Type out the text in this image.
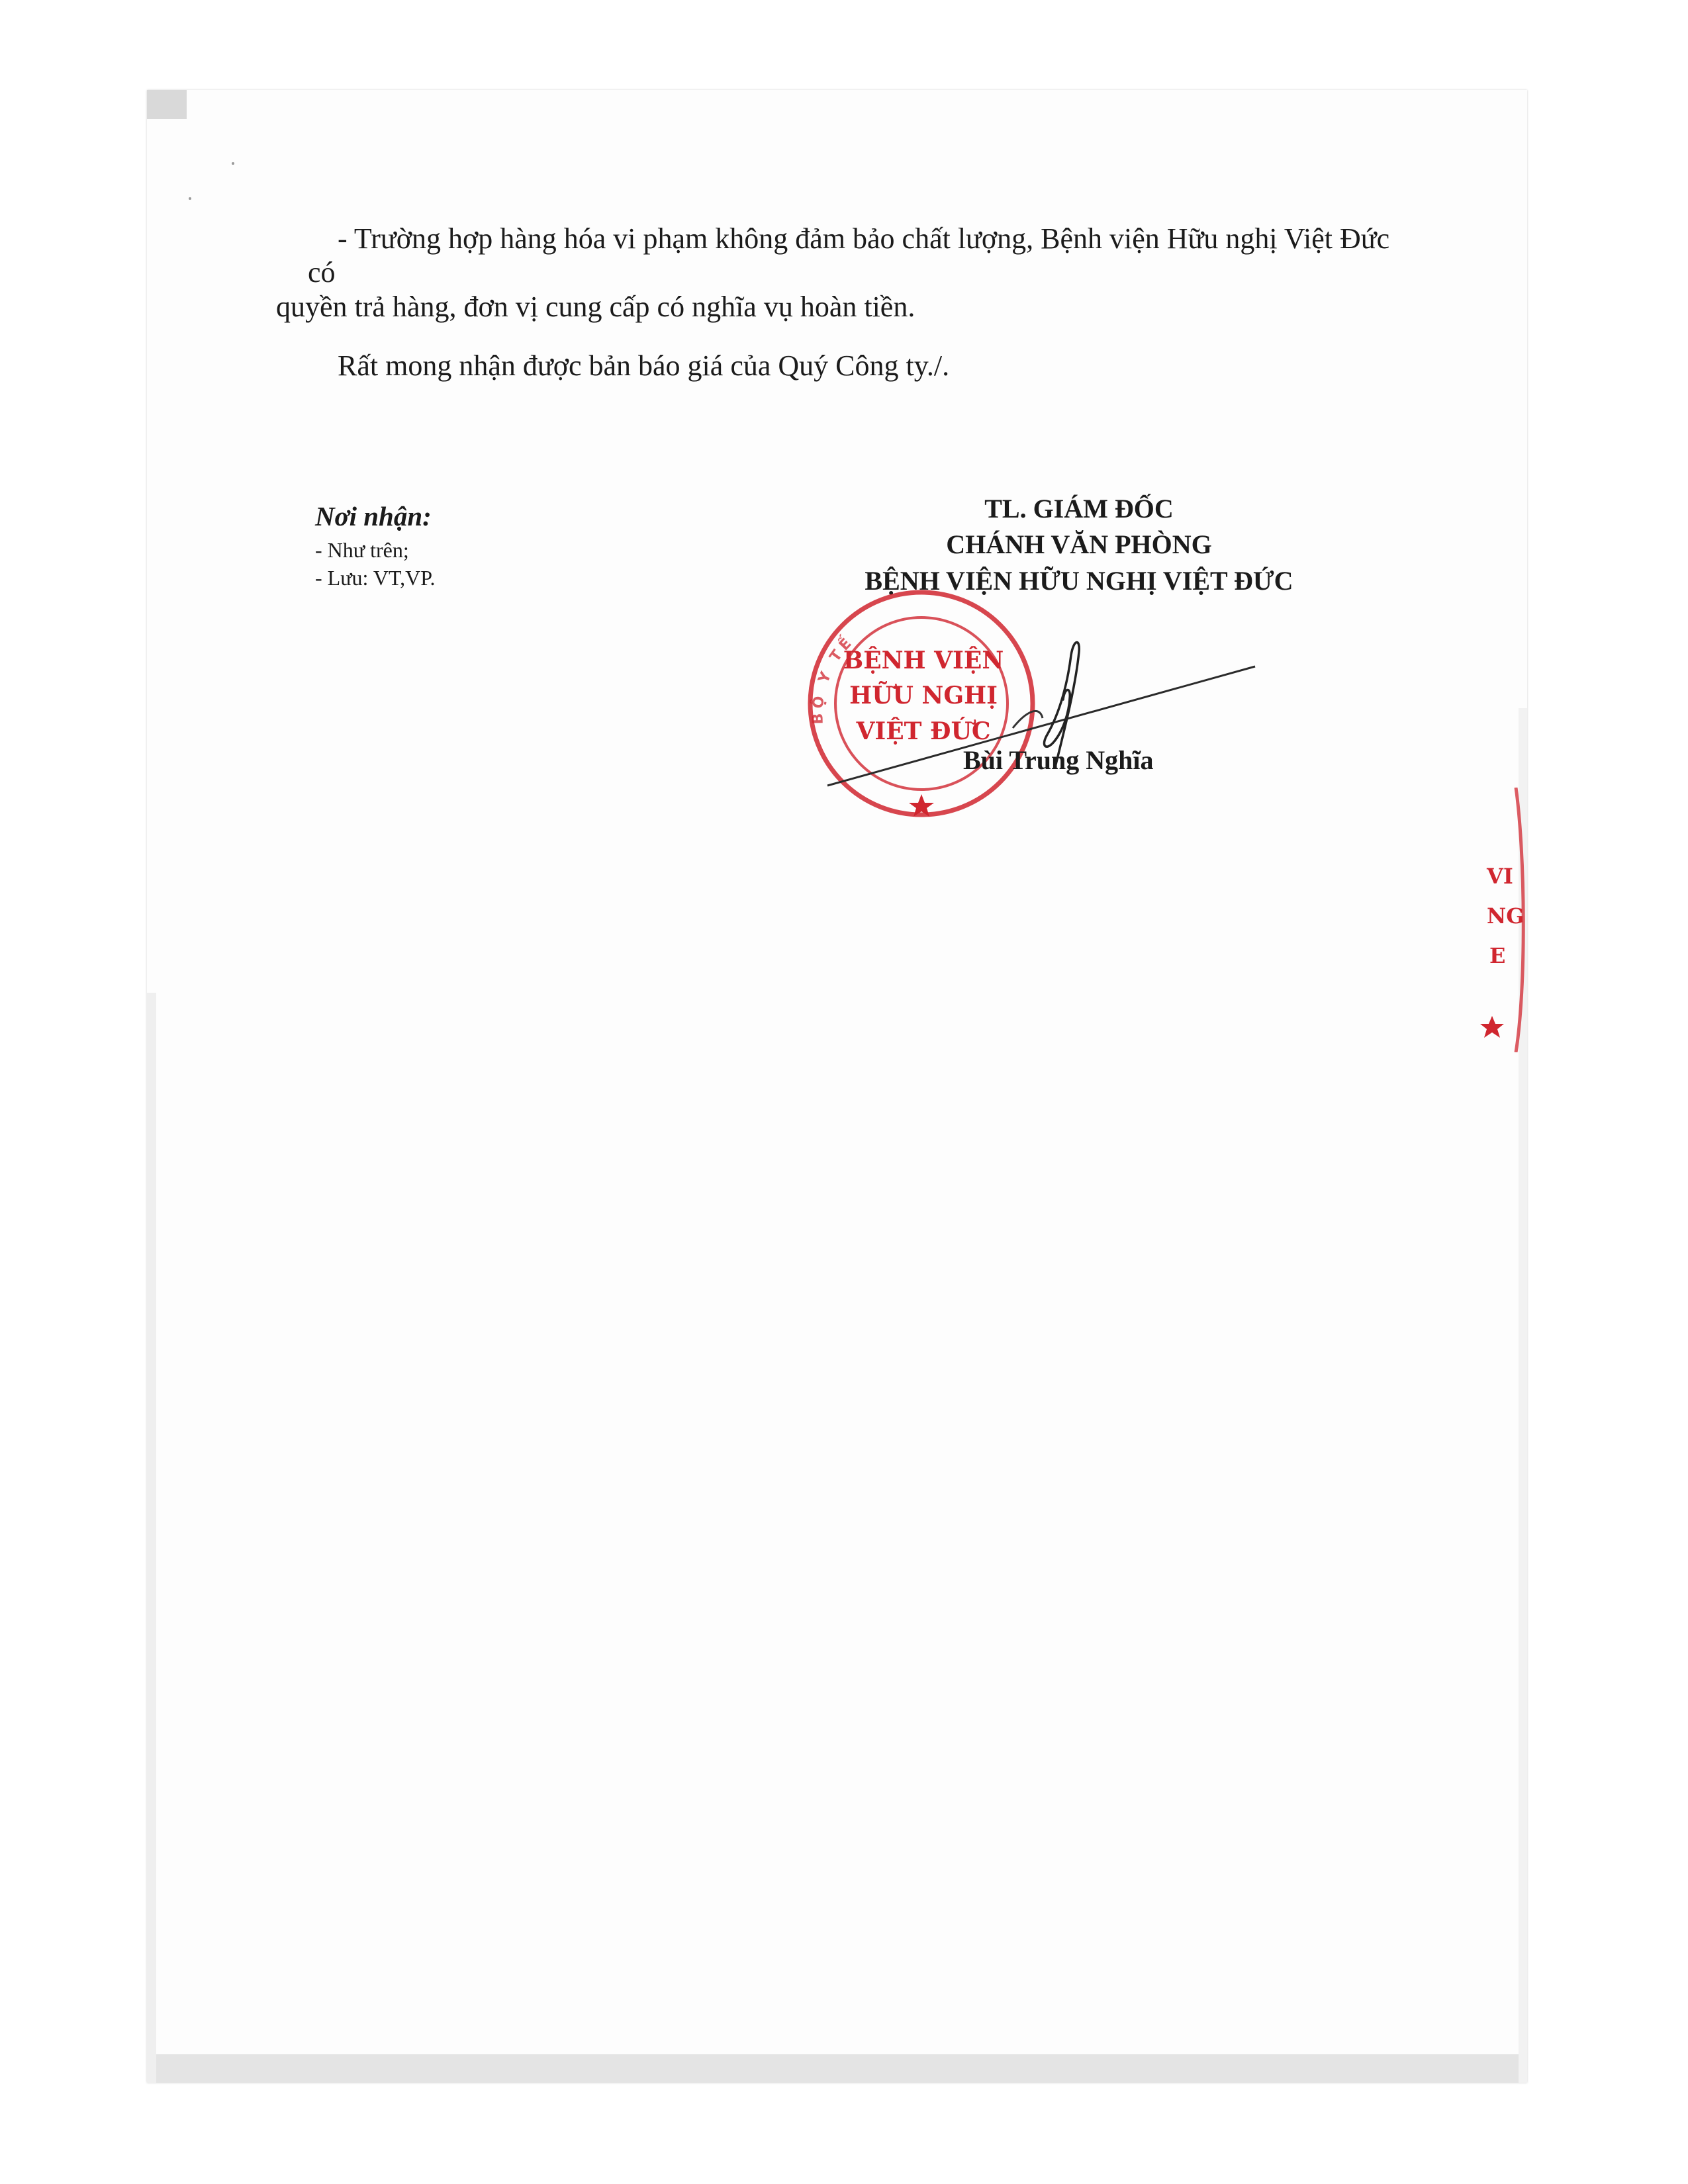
- Trường hợp hàng hóa vi phạm không đảm bảo chất lượng, Bệnh viện Hữu nghị Việt Đức có
quyền trả hàng, đơn vị cung cấp có nghĩa vụ hoàn tiền.

Rất mong nhận được bản báo giá của Quý Công ty./.

Nơi nhận:
- Như trên;
- Lưu: VT,VP.
TL. GIÁM ĐỐC
CHÁNH VĂN PHÒNG
BỆNH VIỆN HỮU NGHỊ VIỆT ĐỨC
BỘ Y TẾ
BỆNH VIỆN
HỮU NGHỊ
VIỆT ĐỨC
Bùi Trung Nghĩa
VI
NG
E
